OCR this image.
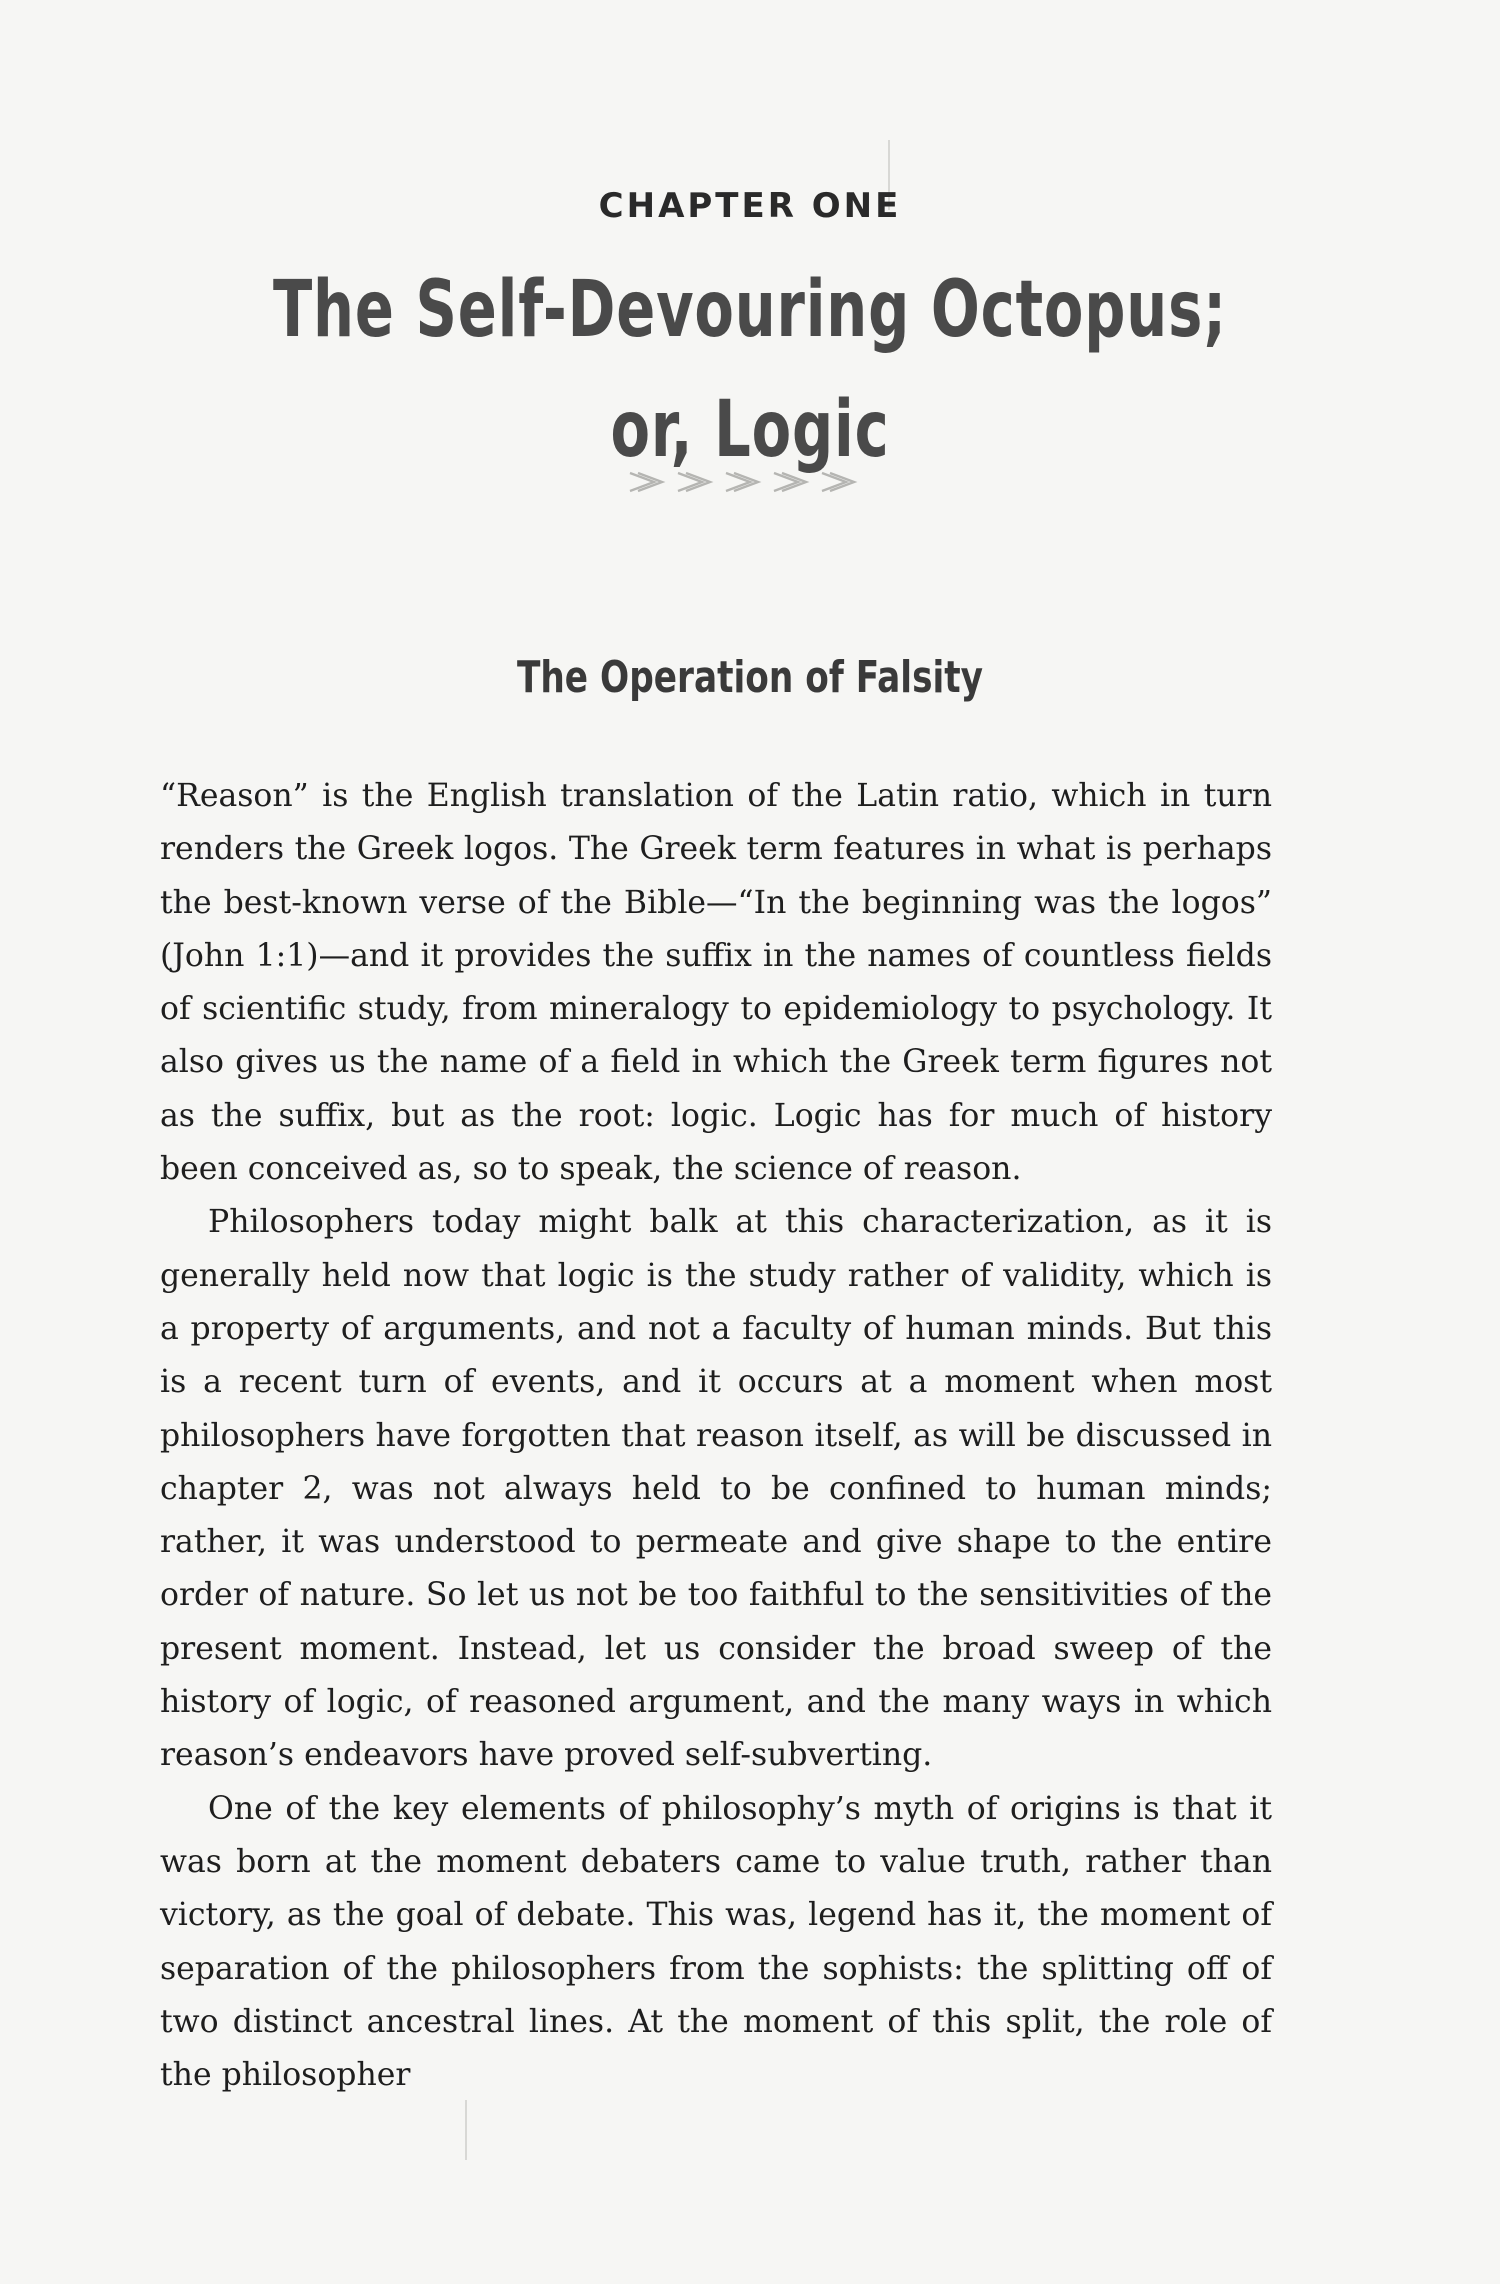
CHAPTER ONE
The Self-Devouring Octopus;
or, Logic
The Operation of Falsity

“Reason” is the English translation of the Latin ratio, which in turn renders the Greek logos. The Greek term features in what is perhaps the best-known verse of the Bible—“In the beginning was the logos” (John 1:1)—and it provides the suffix in the names of countless fields of scientific study, from mineralogy to epidemiology to psychology. It also gives us the name of a field in which the Greek term figures not as the suffix, but as the root: logic. Logic has for much of history been conceived as, so to speak, the science of reason.

Philosophers today might balk at this characterization, as it is generally held now that logic is the study rather of validity, which is a property of arguments, and not a faculty of human minds. But this is a recent turn of events, and it occurs at a moment when most philosophers have forgotten that reason itself, as will be discussed in chapter 2, was not always held to be confined to human minds; rather, it was understood to permeate and give shape to the entire order of nature. So let us not be too faithful to the sensitivities of the present moment. Instead, let us consider the broad sweep of the history of logic, of reasoned argument, and the many ways in which reason’s endeavors have proved self-subverting.

One of the key elements of philosophy’s myth of origins is that it was born at the moment debaters came to value truth, rather than victory, as the goal of debate. This was, legend has it, the moment of separation of the philosophers from the sophists: the splitting off of two distinct ancestral lines. At the moment of this split, the role of the philosopher
